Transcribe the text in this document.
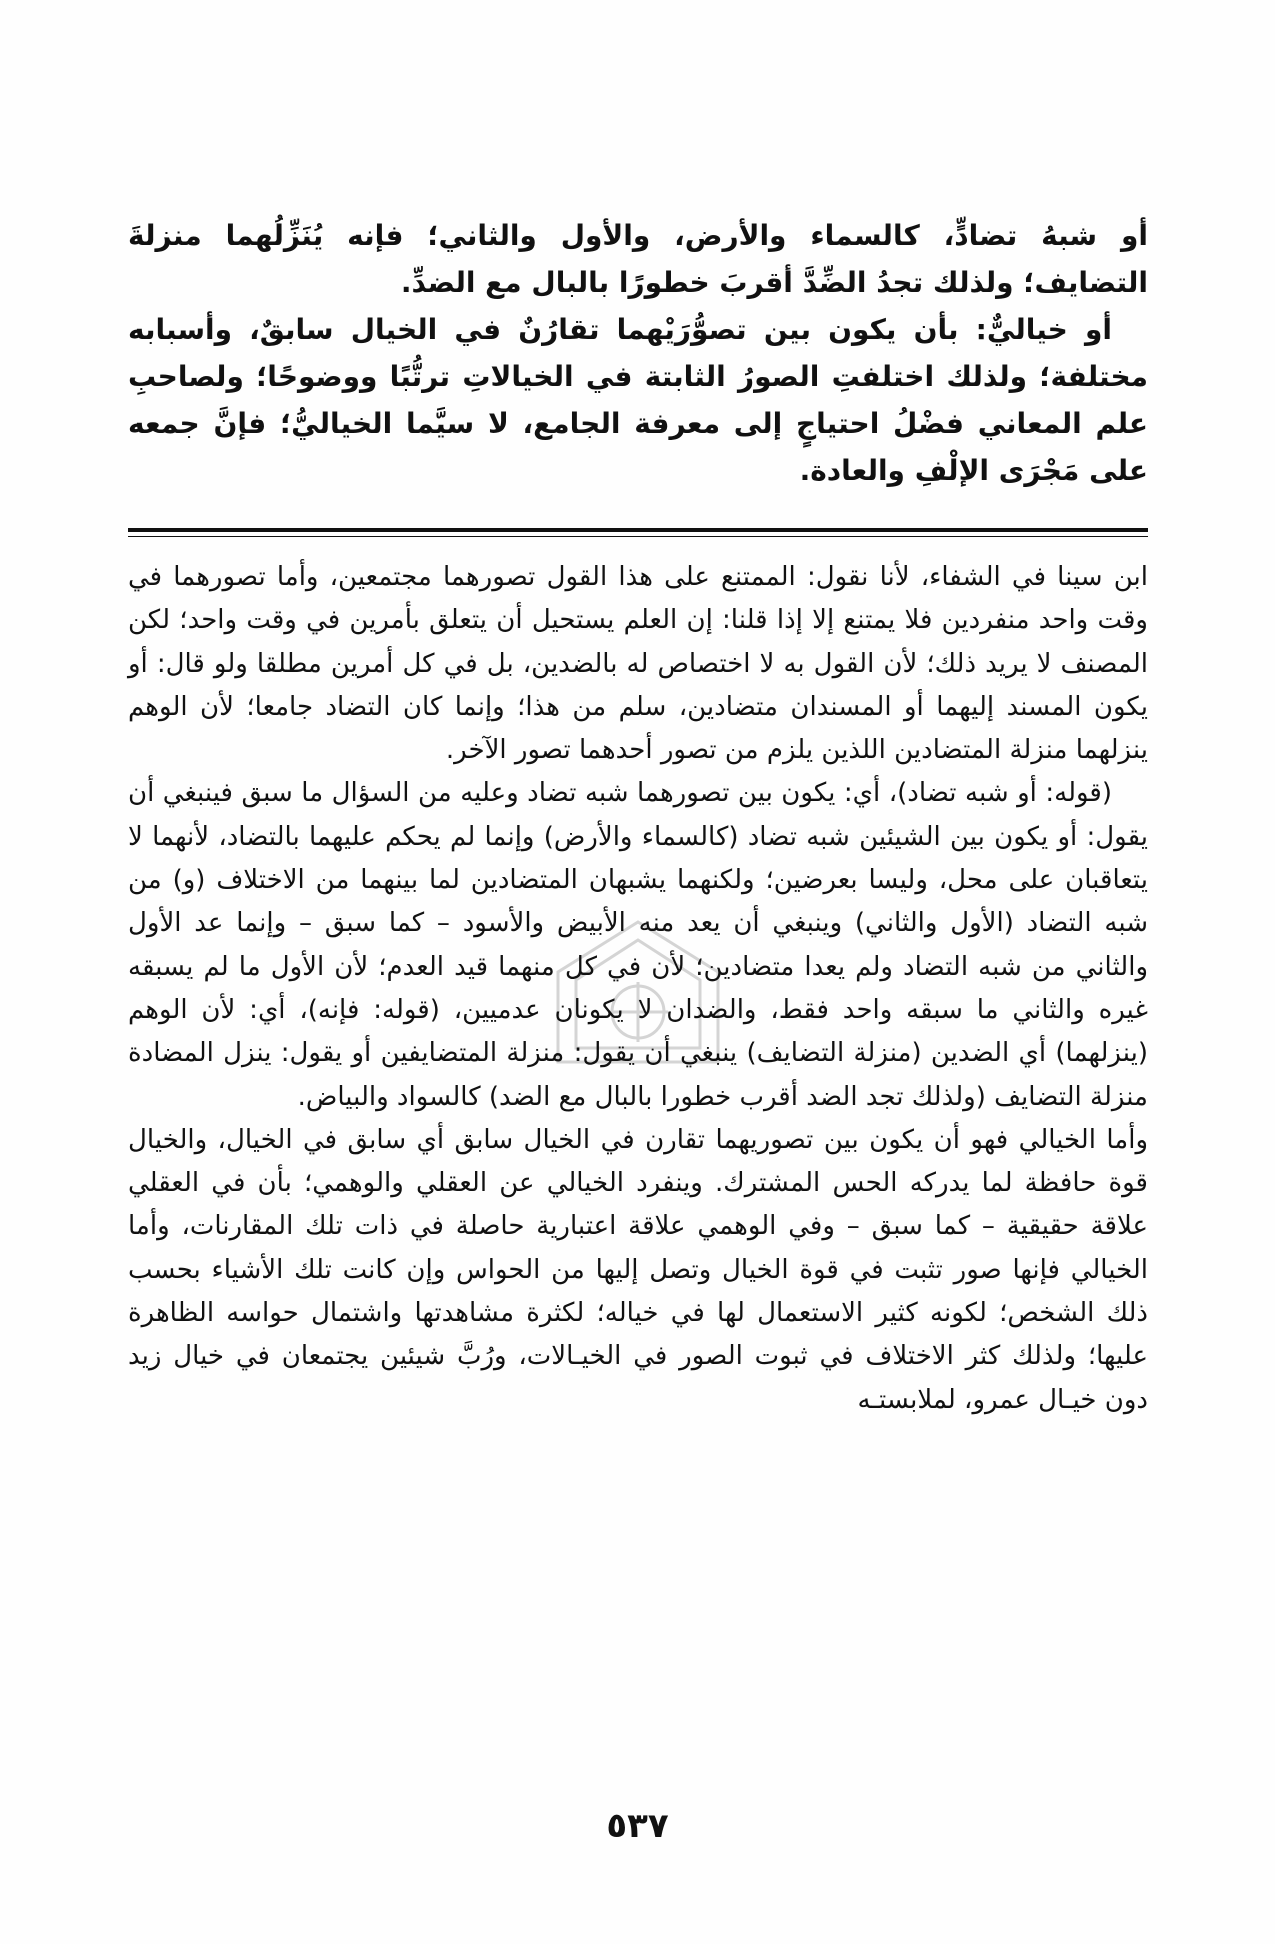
أو شبهُ تضادٍّ، كالسماء والأرض، والأول والثاني؛ فإنه يُنَزِّلُهما منزلةَ التضايف؛ ولذلك تجدُ الضِّدَّ أقربَ خطورًا بالبال مع الضدِّ.

أو خياليٌّ: بأن يكون بين تصوُّرَيْهما تقارُنٌ في الخيال سابقٌ، وأسبابه مختلفة؛ ولذلك اختلفتِ الصورُ الثابتة في الخيالاتِ ترتُّبًا ووضوحًا؛ ولصاحبِ علم المعاني فضْلُ احتياجٍ إلى معرفة الجامع، لا سيَّما الخياليُّ؛ فإنَّ جمعه على مَجْرَى الإلْفِ والعادة.

ابن سينا في الشفاء، لأنا نقول: الممتنع على هذا القول تصورهما مجتمعين، وأما تصورهما في وقت واحد منفردين فلا يمتنع إلا إذا قلنا: إن العلم يستحيل أن يتعلق بأمرين في وقت واحد؛ لكن المصنف لا يريد ذلك؛ لأن القول به لا اختصاص له بالضدين، بل في كل أمرين مطلقا ولو قال: أو يكون المسند إليهما أو المسندان متضادين، سلم من هذا؛ وإنما كان التضاد جامعا؛ لأن الوهم ينزلهما منزلة المتضادين اللذين يلزم من تصور أحدهما تصور الآخر.

(قوله: أو شبه تضاد)، أي: يكون بين تصورهما شبه تضاد وعليه من السؤال ما سبق فينبغي أن يقول: أو يكون بين الشيئين شبه تضاد (كالسماء والأرض) وإنما لم يحكم عليهما بالتضاد، لأنهما لا يتعاقبان على محل، وليسا بعرضين؛ ولكنهما يشبهان المتضادين لما بينهما من الاختلاف (و) من شبه التضاد (الأول والثاني) وينبغي أن يعد منه الأبيض والأسود – كما سبق – وإنما عد الأول والثاني من شبه التضاد ولم يعدا متضادين؛ لأن في كل منهما قيد العدم؛ لأن الأول ما لم يسبقه غيره والثاني ما سبقه واحد فقط، والضدان لا يكونان عدميين، (قوله: فإنه)، أي: لأن الوهم (ينزلهما) أي الضدين (منزلة التضايف) ينبغي أن يقول: منزلة المتضايفين أو يقول: ينزل المضادة منزلة التضايف (ولذلك تجد الضد أقرب خطورا بالبال مع الضد) كالسواد والبياض.

وأما الخيالي فهو أن يكون بين تصوريهما تقارن في الخيال سابق أي سابق في الخيال، والخيال قوة حافظة لما يدركه الحس المشترك. وينفرد الخيالي عن العقلي والوهمي؛ بأن في العقلي علاقة حقيقية – كما سبق – وفي الوهمي علاقة اعتبارية حاصلة في ذات تلك المقارنات، وأما الخيالي فإنها صور تثبت في قوة الخيال وتصل إليها من الحواس وإن كانت تلك الأشياء بحسب ذلك الشخص؛ لكونه كثير الاستعمال لها في خياله؛ لكثرة مشاهدتها واشتمال حواسه الظاهرة عليها؛ ولذلك كثر الاختلاف في ثبوت الصور في الخيـالات، ورُبَّ شيئين يجتمعان في خيال زيد دون خيـال عمرو، لملابستـه

٥٣٧
